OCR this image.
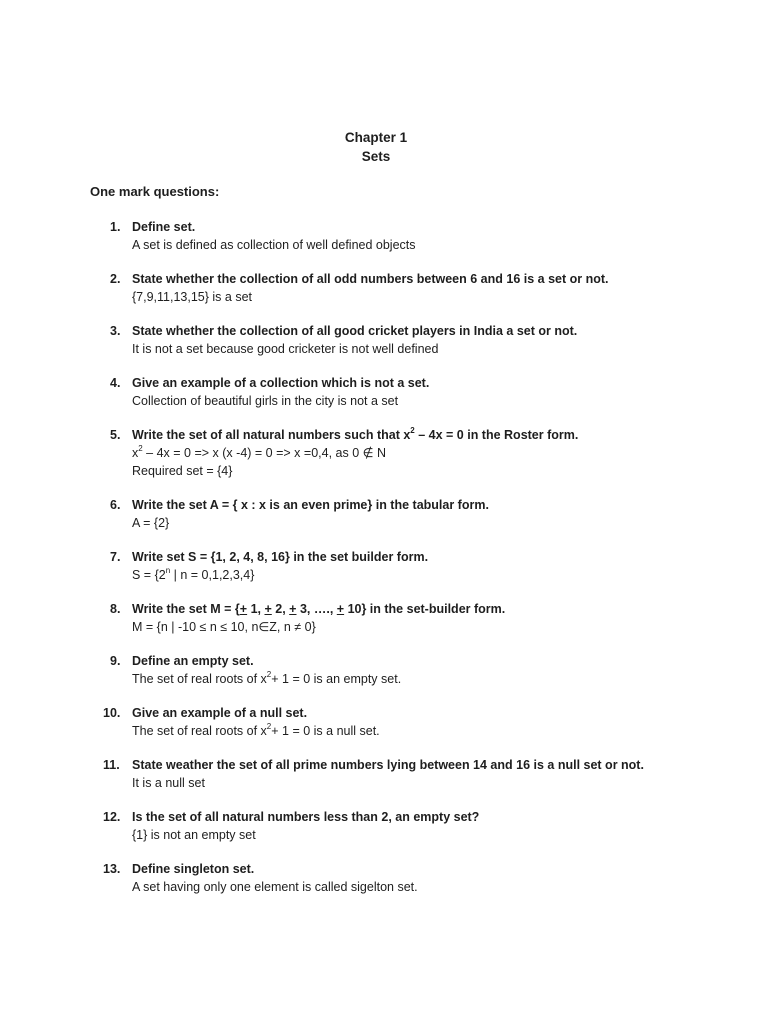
Chapter 1
Sets
One mark questions:
1. Define set.
A set is defined as collection of well defined objects
2. State whether the collection of all odd numbers between 6 and 16 is a set or not.
{7,9,11,13,15} is a set
3. State whether the collection of all good cricket players in India a set or not.
It is not a set because good cricketer is not well defined
4. Give an example of a collection which is not a set.
Collection of beautiful girls in the city is not a set
5. Write the set of all natural numbers such that $x^2 - 4x = 0$ in the Roster form.
$x^2 - 4x = 0 => x$ (x -4) = 0 => x =0,4, as 0 ∉ N
Required set = {4}
6. Write the set A = { x : x is an even prime} in the tabular form.
A = {2}
7. Write set S = {1, 2, 4, 8, 16} in the set builder form.
$S = \{2^n$ | n = 0,1,2,3,4}
8. Write the set M = {+ 1, + 2, + 3, …., + 10} in the set-builder form.
M = {n | -10 ≤ n ≤ 10, n∈Z, n ≠ 0}
9. Define an empty set.
The set of real roots of $x^2+ 1 = 0$ is an empty set.
10. Give an example of a null set.
The set of real roots of $x^2+ 1 = 0$ is a null set.
11. State weather the set of all prime numbers lying between 14 and 16 is a null set or not.
It is a null set
12. Is the set of all natural numbers less than 2, an empty set?
{1} is not an empty set
13. Define singleton set.
A set having only one element is called sigelton set.
